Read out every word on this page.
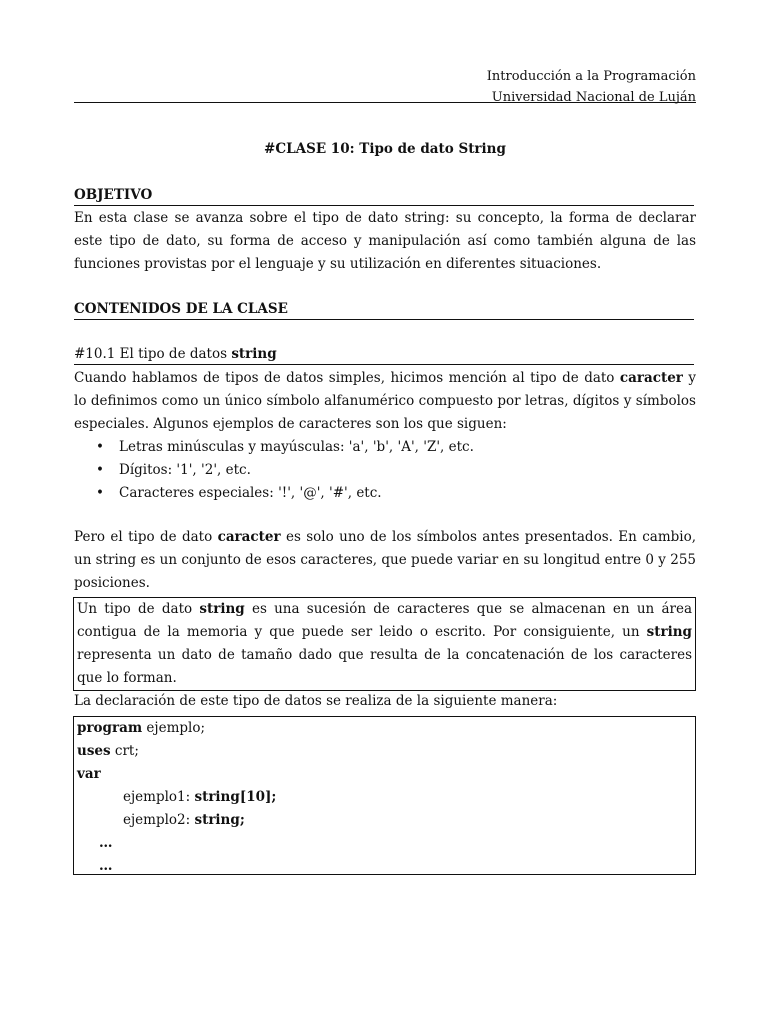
Introducción a la Programación
Universidad Nacional de Luján
#CLASE 10: Tipo de dato String
OBJETIVO

En esta clase se avanza sobre el tipo de dato string: su concepto, la forma de declarar este tipo de dato, su forma de acceso y manipulación así como también alguna de las funciones provistas por el lenguaje y su utilización en diferentes situaciones.

CONTENIDOS DE LA CLASE
#10.1 El tipo de datos string

Cuando hablamos de tipos de datos simples, hicimos mención al tipo de dato caracter y lo definimos como un único símbolo alfanumérico compuesto por letras, dígitos y símbolos especiales. Algunos ejemplos de caracteres son los que siguen:

• Letras minúsculas y mayúsculas: 'a', 'b', 'A', 'Z', etc.
• Dígitos: '1', '2', etc.
• Caracteres especiales: '!', '@', '#', etc.

Pero el tipo de dato caracter es solo uno de los símbolos antes presentados. En cambio, un string es un conjunto de esos caracteres, que puede variar en su longitud entre 0 y 255 posiciones.

Un tipo de dato string es una sucesión de caracteres que se almacenan en un área contigua de la memoria y que puede ser leido o escrito. Por consiguiente, un string representa un dato de tamaño dado que resulta de la concatenación de los caracteres que lo forman.

La declaración de este tipo de datos se realiza de la siguiente manera:

program ejemplo;
uses crt;
var
ejemplo1: string[10];
ejemplo2: string;
…
…
